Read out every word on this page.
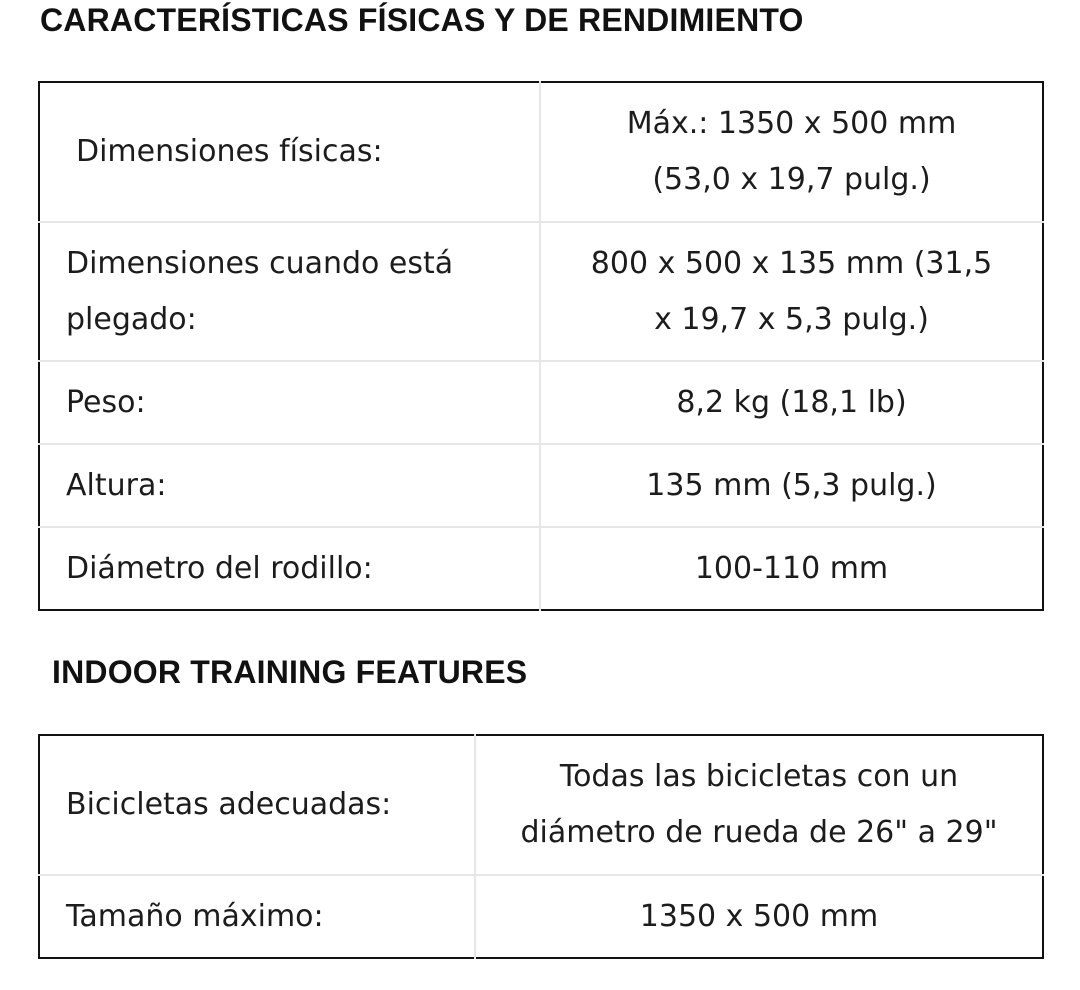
CARACTERÍSTICAS FÍSICAS Y DE RENDIMIENTO
Dimensiones físicas:	Máx.: 1350 x 500 mm
(53,0 x 19,7 pulg.)
Dimensiones cuando está
plegado:	800 x 500 x 135 mm (31,5
x 19,7 x 5,3 pulg.)
Peso:	8,2 kg (18,1 lb)
Altura:	135 mm (5,3 pulg.)
Diámetro del rodillo:	100-110 mm
INDOOR TRAINING FEATURES
Bicicletas adecuadas:	Todas las bicicletas con un
diámetro de rueda de 26" a 29"
Tamaño máximo:	1350 x 500 mm
